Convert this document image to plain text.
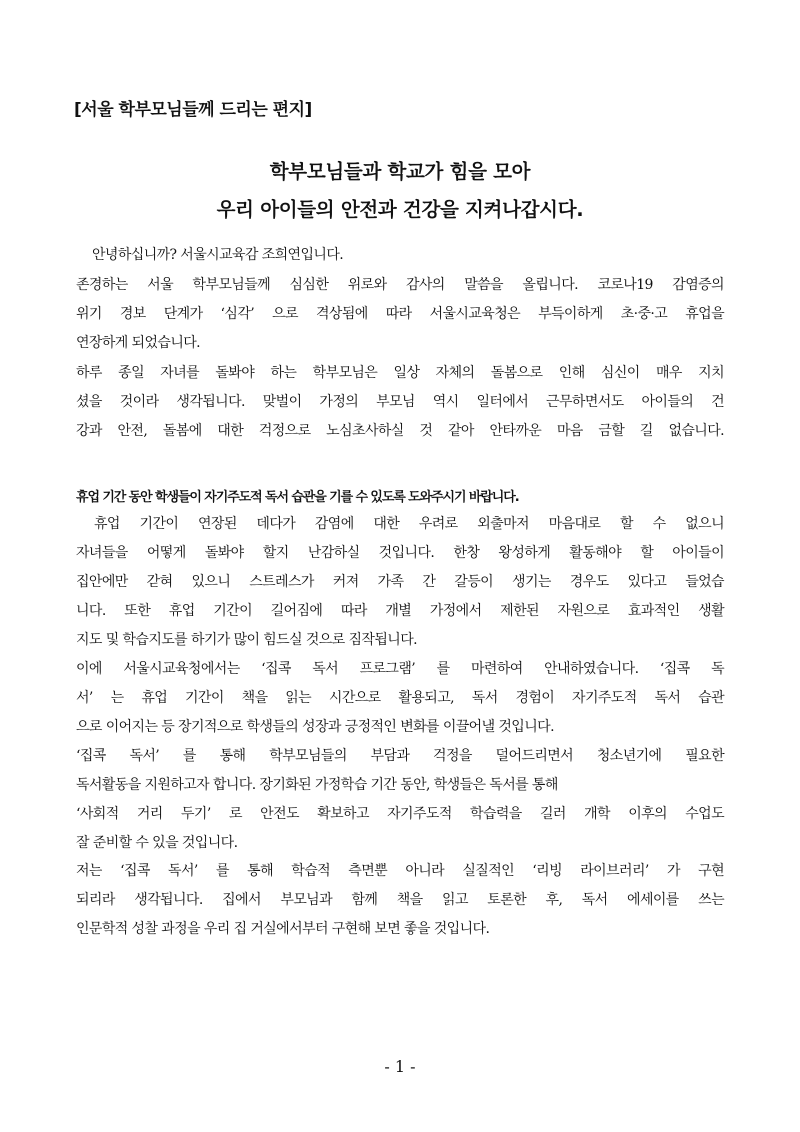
[서울 학부모님들께 드리는 편지]
학부모님들과 학교가 힘을 모아
우리 아이들의 안전과 건강을 지켜나갑시다.
안녕하십니까? 서울시교육감 조희연입니다.
존경하는 서울 학부모님들께 심심한 위로와 감사의 말씀을 올립니다. 코로나19 감염증의
위기 경보 단계가 ‘심각’ 으로 격상됨에 따라 서울시교육청은 부득이하게 초·중·고 휴업을
연장하게 되었습니다.
하루 종일 자녀를 돌봐야 하는 학부모님은 일상 자체의 돌봄으로 인해 심신이 매우 지치
셨을 것이라 생각됩니다. 맞벌이 가정의 부모님 역시 일터에서 근무하면서도 아이들의 건
강과 안전, 돌봄에 대한 걱정으로 노심초사하실 것 같아 안타까운 마음 금할 길 없습니다.
휴업 기간 동안 학생들이 자기주도적 독서 습관을 기를 수 있도록 도와주시기 바랍니다.
휴업 기간이 연장된 데다가 감염에 대한 우려로 외출마저 마음대로 할 수 없으니
자녀들을 어떻게 돌봐야 할지 난감하실 것입니다. 한창 왕성하게 활동해야 할 아이들이
집안에만 갇혀 있으니 스트레스가 커져 가족 간 갈등이 생기는 경우도 있다고 들었습
니다. 또한 휴업 기간이 길어짐에 따라 개별 가정에서 제한된 자원으로 효과적인 생활
지도 및 학습지도를 하기가 많이 힘드실 것으로 짐작됩니다.
이에 서울시교육청에서는 ‘집콕 독서 프로그램’ 를 마련하여 안내하였습니다. ‘집콕 독
서’ 는 휴업 기간이 책을 읽는 시간으로 활용되고, 독서 경험이 자기주도적 독서 습관
으로 이어지는 등 장기적으로 학생들의 성장과 긍정적인 변화를 이끌어낼 것입니다.
‘집콕 독서’ 를 통해 학부모님들의 부담과 걱정을 덜어드리면서 청소년기에 필요한
독서활동을 지원하고자 합니다. 장기화된 가정학습 기간 동안, 학생들은 독서를 통해
‘사회적 거리 두기’ 로 안전도 확보하고 자기주도적 학습력을 길러 개학 이후의 수업도
잘 준비할 수 있을 것입니다.
저는 ‘집콕 독서’ 를 통해 학습적 측면뿐 아니라 실질적인 ‘리빙 라이브러리’ 가 구현
되리라 생각됩니다. 집에서 부모님과 함께 책을 읽고 토론한 후, 독서 에세이를 쓰는
인문학적 성찰 과정을 우리 집 거실에서부터 구현해 보면 좋을 것입니다.
- 1 -
